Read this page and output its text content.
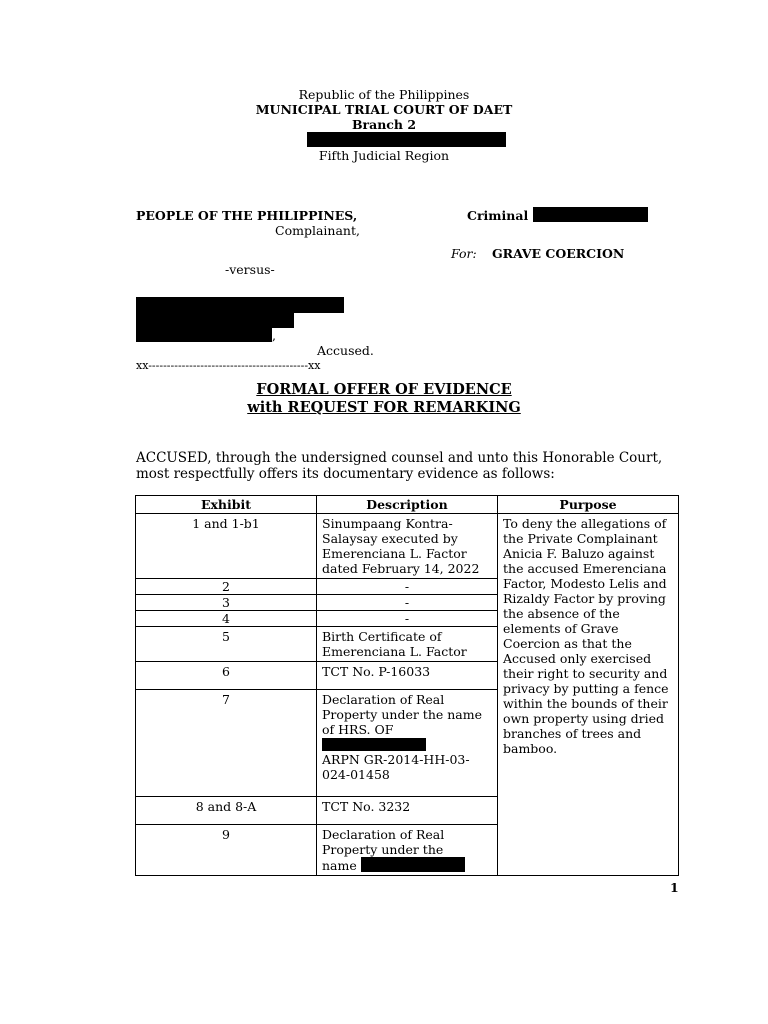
Republic of the Philippines
MUNICIPAL TRIAL COURT OF DAET
Branch 2
Fifth Judicial Region
PEOPLE OF THE PHILIPPINES,	Criminal
Complainant,
For: GRAVE COERCION
-versus-
,
Accused.
xx-------------------------------------------xx
FORMAL OFFER OF EVIDENCE
with REQUEST FOR REMARKING
ACCUSED, through the undersigned counsel and unto this Honorable Court,
most respectfully offers its documentary evidence as follows:
Exhibit	Description	Purpose
1 and 1-b1	Sinumpaang Kontra-Salaysay executed by Emerenciana L. Factor dated February 14, 2022	To deny the allegations of the Private Complainant Anicia F. Baluzo against the accused Emerenciana Factor, Modesto Lelis and Rizaldy Factor by proving the absence of the elements of Grave Coercion as that the Accused only exercised their right to security and privacy by putting a fence within the bounds of their own property using dried branches of trees and bamboo.
2	-	
3	-	
4	-	
5	Birth Certificate of Emerenciana L. Factor	
6	TCT No. P-16033	
7	Declaration of Real Property under the name of HRS. OF

ARPN GR-2014-HH-03-024-01458	
8 and 8-A	TCT No. 3232	
9	Declaration of Real Property under the
name	
1
